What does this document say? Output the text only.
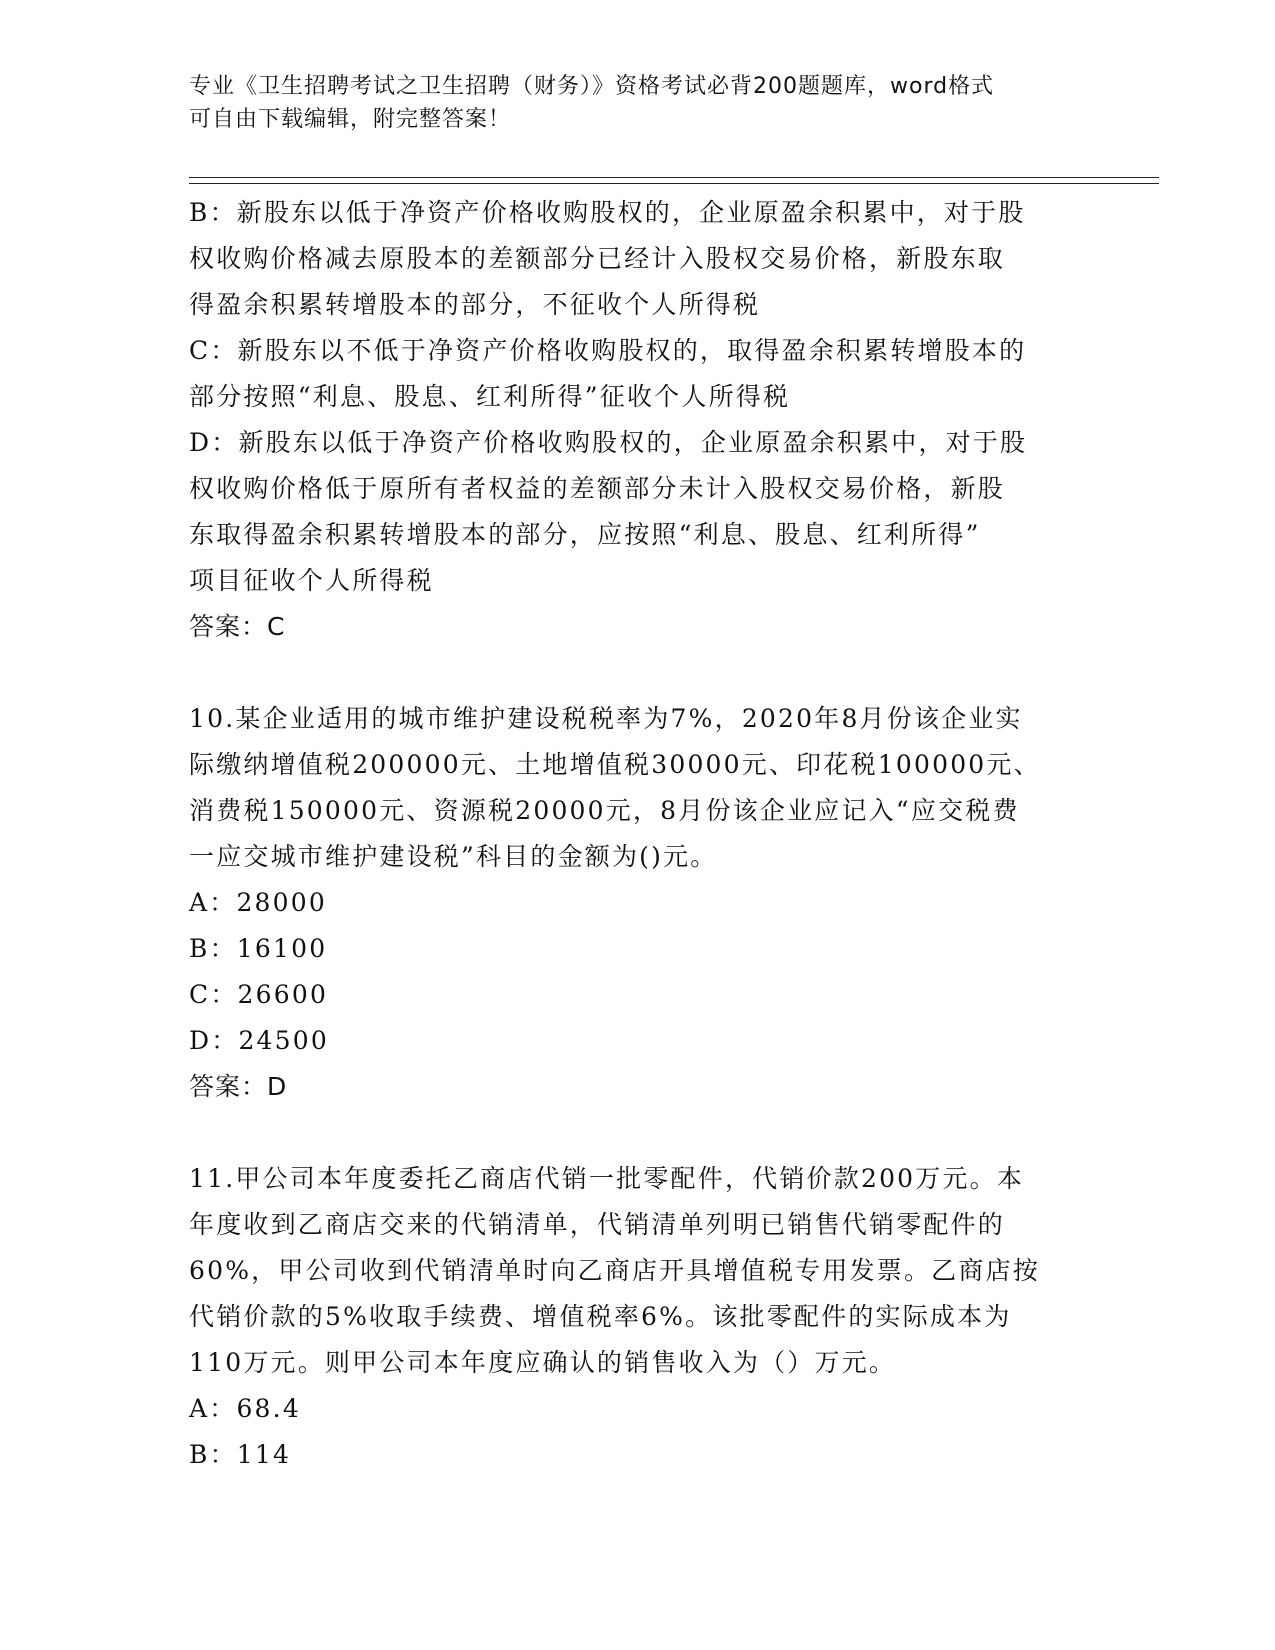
专业《卫生招聘考试之卫生招聘（财务）》资格考试必背200题题库，word格式
可自由下载编辑，附完整答案！
B：新股东以低于净资产价格收购股权的，企业原盈余积累中，对于股
权收购价格减去原股本的差额部分已经计入股权交易价格，新股东取
得盈余积累转增股本的部分，不征收个人所得税
C：新股东以不低于净资产价格收购股权的，取得盈余积累转增股本的
部分按照“利息、股息、红利所得”征收个人所得税
D：新股东以低于净资产价格收购股权的，企业原盈余积累中，对于股
权收购价格低于原所有者权益的差额部分未计入股权交易价格，新股
东取得盈余积累转增股本的部分，应按照“利息、股息、红利所得”
项目征收个人所得税
答案：C
10.某企业适用的城市维护建设税税率为7%，2020年8月份该企业实
际缴纳增值税200000元、土地增值税30000元、印花税100000元、
消费税150000元、资源税20000元，8月份该企业应记入“应交税费
一应交城市维护建设税”科目的金额为()元。
A：28000
B：16100
C：26600
D：24500
答案：D
11.甲公司本年度委托乙商店代销一批零配件，代销价款200万元。本
年度收到乙商店交来的代销清单，代销清单列明已销售代销零配件的
60%，甲公司收到代销清单时向乙商店开具增值税专用发票。乙商店按
代销价款的5%收取手续费、增值税率6%。该批零配件的实际成本为
110万元。则甲公司本年度应确认的销售收入为（）万元。
A：68.4
B：114
